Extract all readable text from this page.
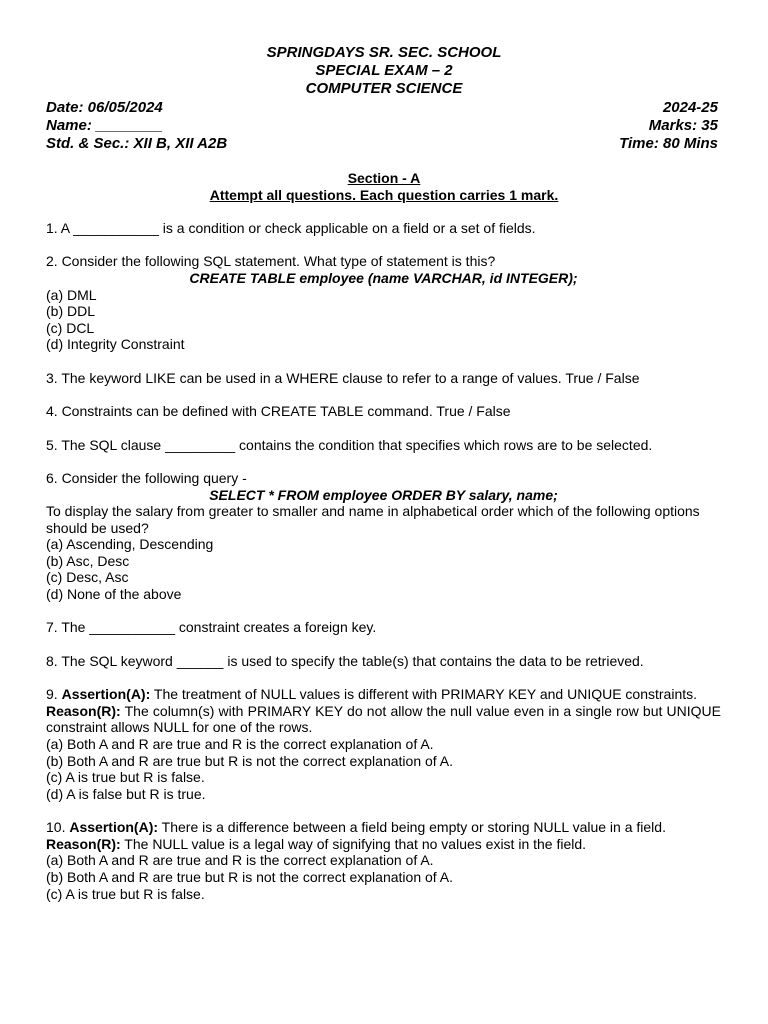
SPRINGDAYS SR. SEC. SCHOOL
SPECIAL EXAM – 2
COMPUTER SCIENCE
Date: 06/05/2024	2024-25
Name: ________	Marks: 35
Std. & Sec.: XII B, XII A2B	Time: 80 Mins
Section - A
Attempt all questions. Each question carries 1 mark.
1. A ___________ is a condition or check applicable on a field or a set of fields.
2. Consider the following SQL statement. What type of statement is this?
CREATE TABLE employee (name VARCHAR, id INTEGER);
(a) DML
(b) DDL
(c) DCL
(d) Integrity Constraint
3. The keyword LIKE can be used in a WHERE clause to refer to a range of values. True / False
4. Constraints can be defined with CREATE TABLE command. True / False
5. The SQL clause _________ contains the condition that specifies which rows are to be selected.
6. Consider the following query -
SELECT * FROM employee ORDER BY salary, name;
To display the salary from greater to smaller and name in alphabetical order which of the following options should be used?
(a) Ascending, Descending
(b) Asc, Desc
(c) Desc, Asc
(d) None of the above
7. The ___________ constraint creates a foreign key.
8. The SQL keyword ______ is used to specify the table(s) that contains the data to be retrieved.
9. Assertion(A): The treatment of NULL values is different with PRIMARY KEY and UNIQUE constraints.
Reason(R): The column(s) with PRIMARY KEY do not allow the null value even in a single row but UNIQUE constraint allows NULL for one of the rows.
(a) Both A and R are true and R is the correct explanation of A.
(b) Both A and R are true but R is not the correct explanation of A.
(c) A is true but R is false.
(d) A is false but R is true.
10. Assertion(A): There is a difference between a field being empty or storing NULL value in a field.
Reason(R): The NULL value is a legal way of signifying that no values exist in the field.
(a) Both A and R are true and R is the correct explanation of A.
(b) Both A and R are true but R is not the correct explanation of A.
(c) A is true but R is false.
